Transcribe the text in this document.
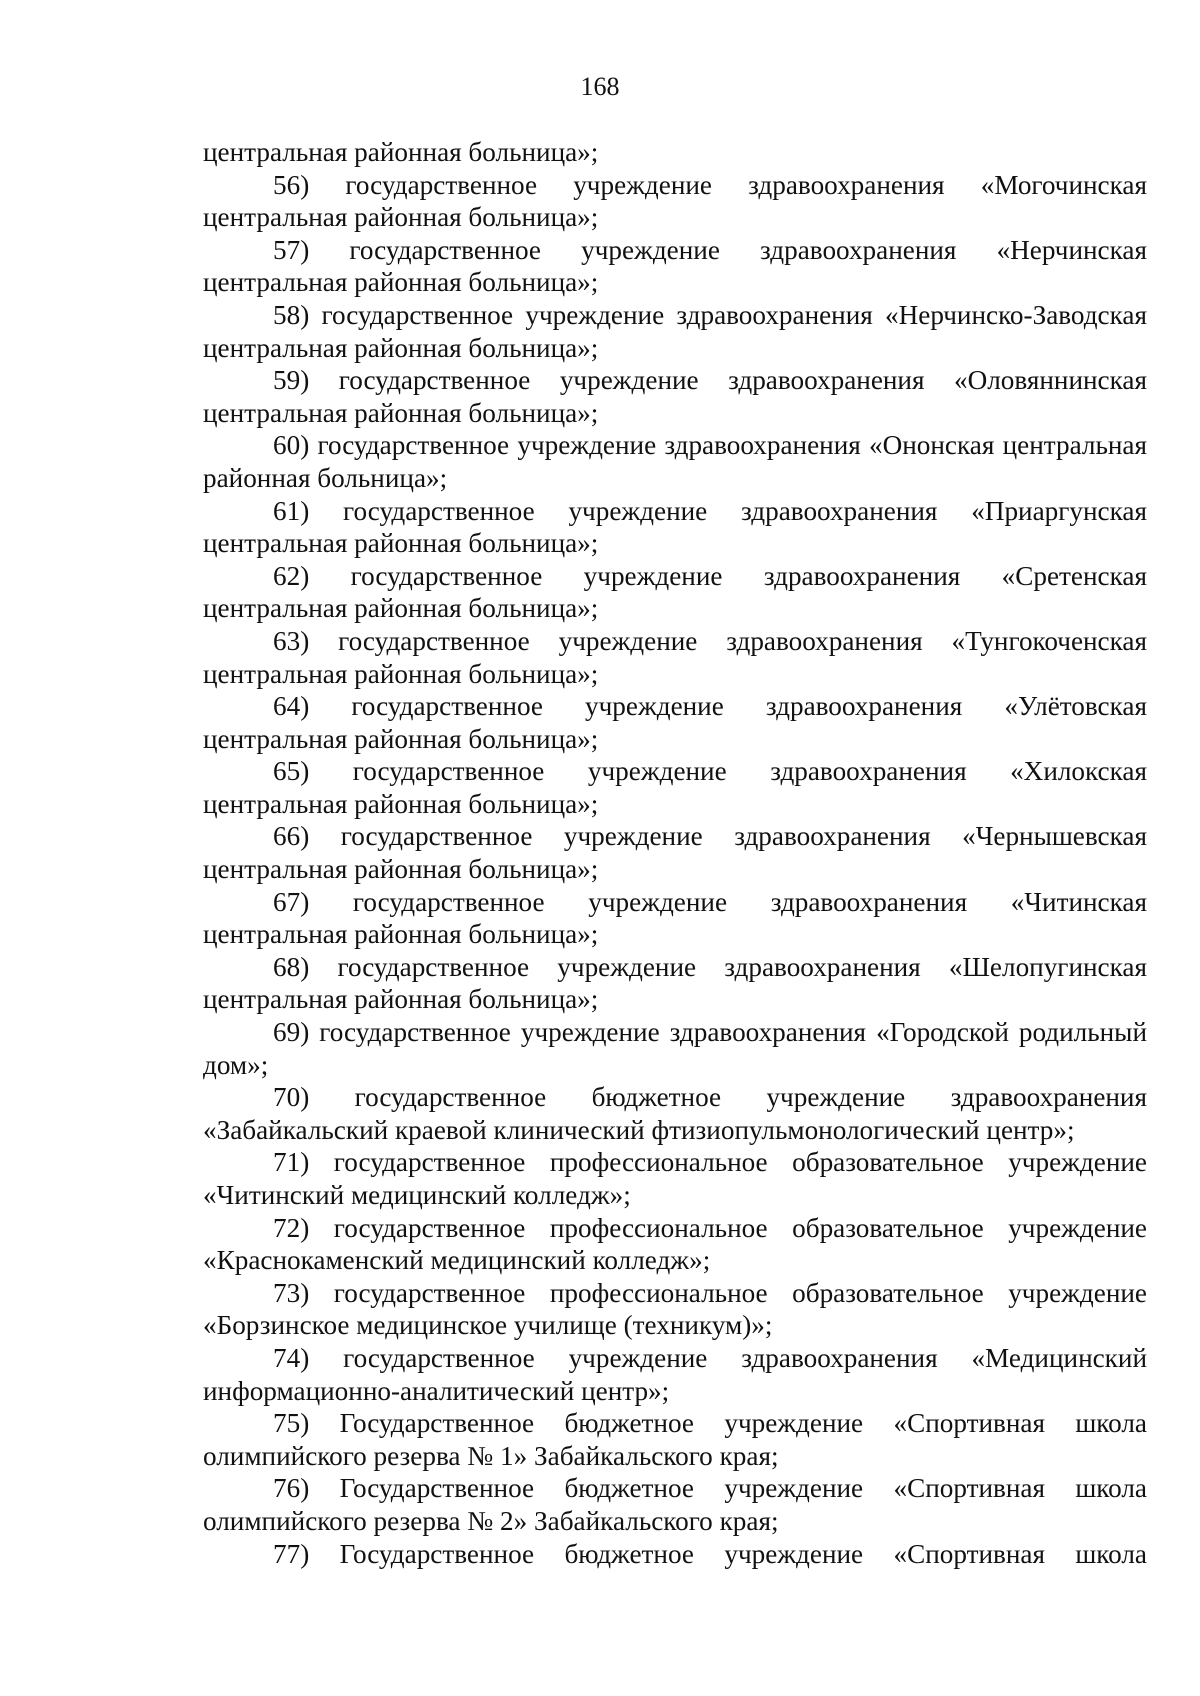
168

центральная районная больница»;

56) государственное учреждение здравоохранения «Могочинская центральная районная больница»;

57) государственное учреждение здравоохранения «Нерчинская центральная районная больница»;

58) государственное учреждение здравоохранения «Нерчинско-Заводская центральная районная больница»;

59) государственное учреждение здравоохранения «Оловяннинская центральная районная больница»;

60) государственное учреждение здравоохранения «Ононская центральная районная больница»;

61) государственное учреждение здравоохранения «Приаргунская центральная районная больница»;

62) государственное учреждение здравоохранения «Сретенская центральная районная больница»;

63) государственное учреждение здравоохранения «Тунгокоченская центральная районная больница»;

64) государственное учреждение здравоохранения «Улётовская центральная районная больница»;

65) государственное учреждение здравоохранения «Хилокская центральная районная больница»;

66) государственное учреждение здравоохранения «Чернышевская центральная районная больница»;

67) государственное учреждение здравоохранения «Читинская центральная районная больница»;

68) государственное учреждение здравоохранения «Шелопугинская центральная районная больница»;

69) государственное учреждение здравоохранения «Городской родильный дом»;

70) государственное бюджетное учреждение здравоохранения «Забайкальский краевой клинический фтизиопульмонологический центр»;

71) государственное профессиональное образовательное учреждение «Читинский медицинский колледж»;

72) государственное профессиональное образовательное учреждение «Краснокаменский медицинский колледж»;

73) государственное профессиональное образовательное учреждение «Борзинское медицинское училище (техникум)»;

74) государственное учреждение здравоохранения «Медицинский информационно-аналитический центр»;

75) Государственное бюджетное учреждение «Спортивная школа олимпийского резерва № 1» Забайкальского края;

76) Государственное бюджетное учреждение «Спортивная школа олимпийского резерва № 2» Забайкальского края;

77) Государственное бюджетное учреждение «Спортивная школа
